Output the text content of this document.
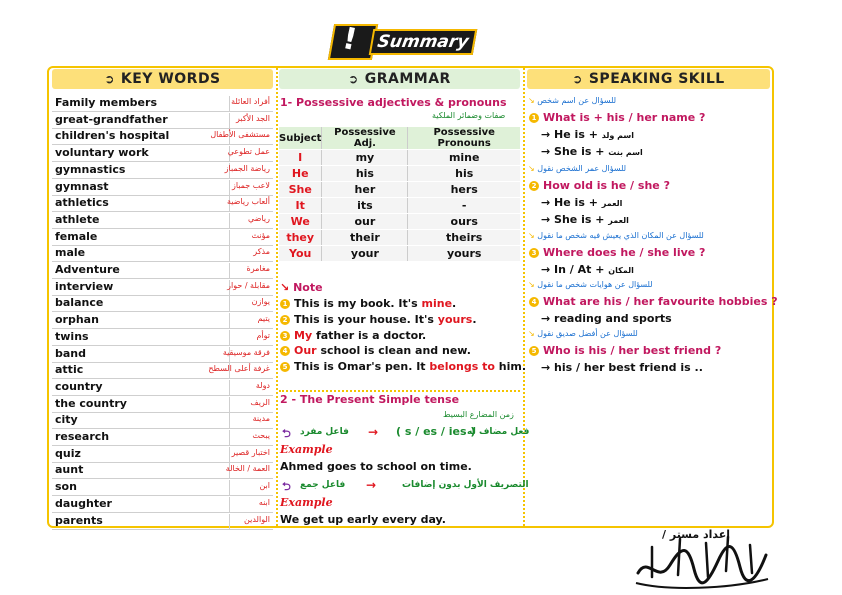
! Summary
➲ KEY WORDS	➲ GRAMMAR	➲ SPEAKING SKILL
Family members	أفراد العائلة
great-grandfather	الجد الأكبر
children's hospital	مستشفى الأطفال
voluntary work	عمل تطوعي
gymnastics	رياضة الجمباز
gymnast	لاعب جمباز
athletics	ألعاب رياضية
athlete	رياضي
female	مؤنث
male	مذكر
Adventure	مغامرة
interview	مقابلة / حوار
balance	يوازن
orphan	يتيم
twins	توأم
band	فرقة موسيقية
attic	غرفة أعلى السطح
country	دولة
the country	الريف
city	مدينة
research	يبحث
quiz	اختبار قصير
aunt	العمة / الخالة
son	ابن
daughter	ابنه
parents	الوالدين
1- Possessive adjectives & pronouns
صفات وضمائر الملكية
Subject	Possessive Adj.	Possessive Pronouns
I	my	mine
He	his	his
She	her	hers
It	its	-
We	our	ours
they	their	theirs
You	your	yours
↘ Note
1 This is my book. It's mine.
2 This is your house. It's yours.
3 My father is a doctor.
4 Our school is clean and new.
5 This is Omar's pen. It belongs to him.
2 - The Present Simple tense
زمن المضارع البسيط
⮌ فاعل مفرد → ( s / es / ies )
فعل مضاف له
Example
Ahmed goes to school on time.
⮌ فاعل جمع →	التصريف الأول بدون إضافات
Example
We get up early every day.
↘ للسؤال عن اسم شخص
1 What is + his / her name ?
→ He is + اسم ولد
→ She is + اسم بنت
↘ للسؤال عمر الشخص نقول
2 How old is he / she ?
→ He is + العمر
→ She is + العمر
↘ للسؤال عن المكان الذي يعيش فيه شخص ما نقول
3 Where does he / she live ?
→ In / At + المكان
↘ للسؤال عن هوايات شخص ما نقول
4 What are his / her favourite hobbies ?
→ reading and sports
↘ للسؤال عن أفضل صديق نقول
5 Who is his / her best friend ?
→ his / her best friend is ..
إعداد مستر /
